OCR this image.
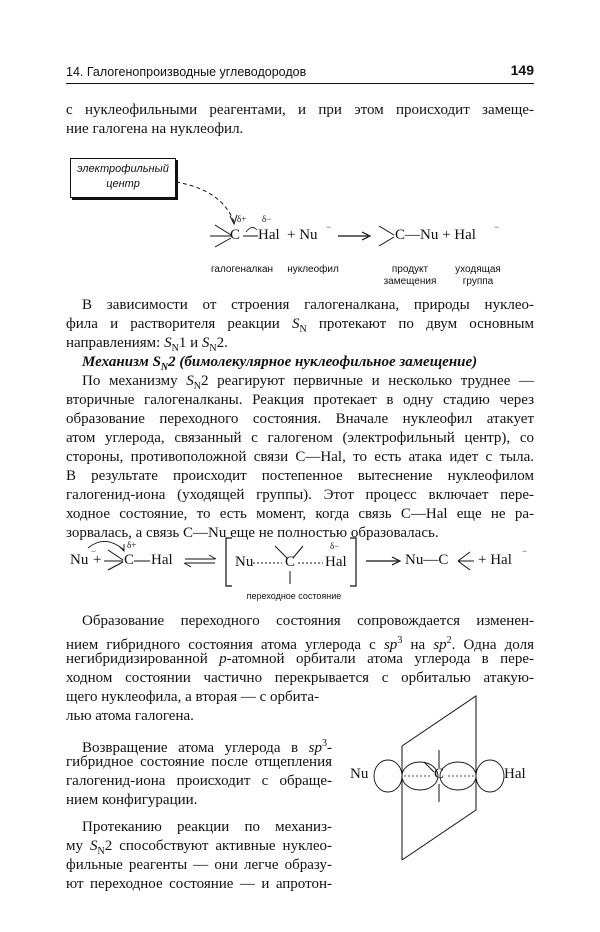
14. Галогенопроизводные углеводородов	149
с нуклеофильными реагентами, и при этом происходит замеще-
ние галогена на нуклеофил.
электрофильный
центр
C
δ+ δ−
Hal + Nu −	C—Nu + Hal −
галогеналкан	нуклеофил	продукт
замещения
уходящая
группа
В зависимости от строения галогеналкана, природы нуклео-
фила и растворителя реакции $S_N$ протекают по двум основным
направлениям: $S_N1$ и $S_N2$.
Механизм $S_N2$ (бимолекулярное нуклеофильное замещение)
По механизму $S_N2$ реагируют первичные и несколько труднее —
вторичные галогеналканы. Реакция протекает в одну стадию через
образование переходного состояния. Вначале нуклеофил атакует
атом углерода, связанный с галогеном (электрофильный центр), со
стороны, противоположной связи C—Hal, то есть атака идет с тыла.
В результате происходит постепенное вытеснение нуклеофилом
галогенид-иона (уходящей группы). Этот процесс включает пере-
ходное состояние, то есть момент, когда связь C—Hal еще не ра-
зорвалась, а связь C—Nu еще не полностью образовалась.
Nu
−
+
δ+
C Hal	Nu C
δ−
Hal
переходное состояние
Nu—C + Hal
−
Образование переходного состояния сопровождается изменен-
нием гибридного состояния атома углерода с $sp^3$ на $sp^2$. Одна доля
негибридизированной p-атомной орбитали атома углерода в пере-
ходном состоянии частично перекрывается с орбиталью атакую-
щего нуклеофила, а вторая — с орбита-
лью атома галогена.
Возвращение атома углерода в $sp^3-$
гибридное состояние после отщепления
галогенид-иона происходит с обраще-
нием конфигурации.
Протеканию реакции по механиз-
му $S_N2$ способствуют активные нуклео-
фильные реагенты — они легче образу-
ют переходное состояние — и апротон-
Nu	C	Hal
